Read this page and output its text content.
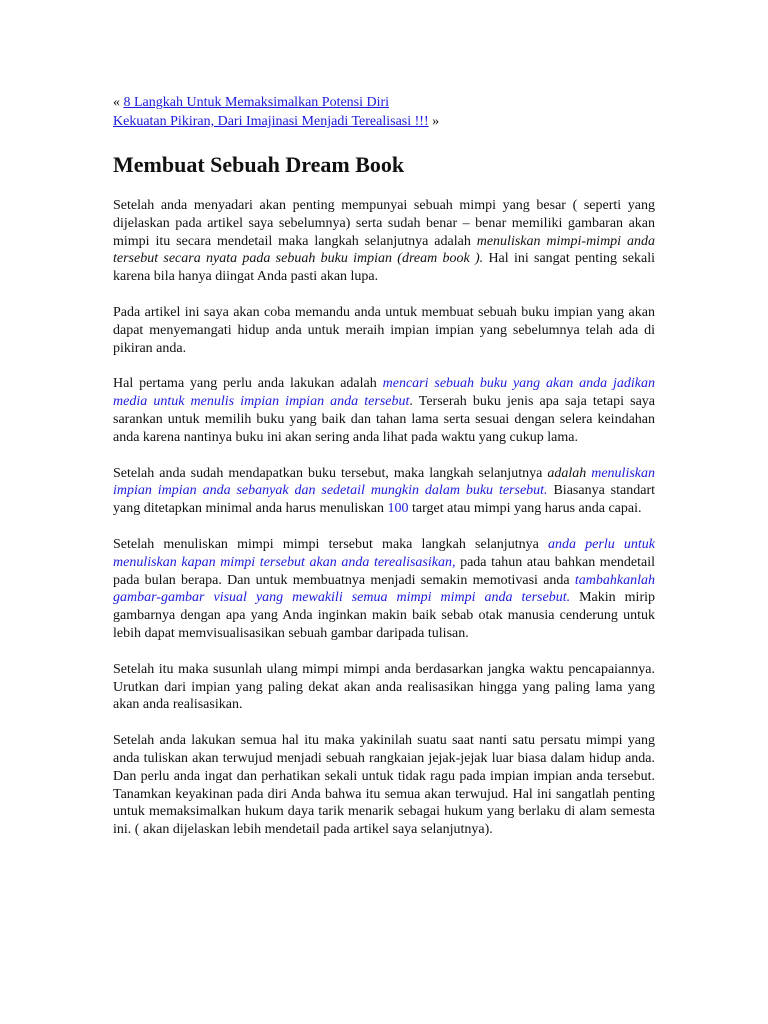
« 8 Langkah Untuk Memaksimalkan Potensi Diri
Kekuatan Pikiran, Dari Imajinasi Menjadi Terealisasi !!! »
Membuat Sebuah Dream Book

Setelah anda menyadari akan penting mempunyai sebuah mimpi yang besar ( seperti yang dijelaskan pada artikel saya sebelumnya) serta sudah benar – benar memiliki gambaran akan mimpi itu secara mendetail maka langkah selanjutnya adalah menuliskan mimpi-mimpi anda tersebut secara nyata pada sebuah buku impian (dream book ). Hal ini sangat penting sekali karena bila hanya diingat Anda pasti akan lupa.

Pada artikel ini saya akan coba memandu anda untuk membuat sebuah buku impian yang akan dapat menyemangati hidup anda untuk meraih impian impian yang sebelumnya telah ada di pikiran anda.

Hal pertama yang perlu anda lakukan adalah mencari sebuah buku yang akan anda jadikan media untuk menulis impian impian anda tersebut. Terserah buku jenis apa saja tetapi saya sarankan untuk memilih buku yang baik dan tahan lama serta sesuai dengan selera keindahan anda karena nantinya buku ini akan sering anda lihat pada waktu yang cukup lama.

Setelah anda sudah mendapatkan buku tersebut, maka langkah selanjutnya adalah menuliskan impian impian anda sebanyak dan sedetail mungkin dalam buku tersebut. Biasanya standart yang ditetapkan minimal anda harus menuliskan 100 target atau mimpi yang harus anda capai.

Setelah menuliskan mimpi mimpi tersebut maka langkah selanjutnya anda perlu untuk menuliskan kapan mimpi tersebut akan anda terealisasikan, pada tahun atau bahkan mendetail pada bulan berapa. Dan untuk membuatnya menjadi semakin memotivasi anda tambahkanlah gambar-gambar visual yang mewakili semua mimpi mimpi anda tersebut. Makin mirip gambarnya dengan apa yang Anda inginkan makin baik sebab otak manusia cenderung untuk lebih dapat memvisualisasikan sebuah gambar daripada tulisan.

Setelah itu maka susunlah ulang mimpi mimpi anda berdasarkan jangka waktu pencapaiannya. Urutkan dari impian yang paling dekat akan anda realisasikan hingga yang paling lama yang akan anda realisasikan.

Setelah anda lakukan semua hal itu maka yakinilah suatu saat nanti satu persatu mimpi yang anda tuliskan akan terwujud menjadi sebuah rangkaian jejak-jejak luar biasa dalam hidup anda. Dan perlu anda ingat dan perhatikan sekali untuk tidak ragu pada impian impian anda tersebut. Tanamkan keyakinan pada diri Anda bahwa itu semua akan terwujud. Hal ini sangatlah penting untuk memaksimalkan hukum daya tarik menarik sebagai hukum yang berlaku di alam semesta ini. ( akan dijelaskan lebih mendetail pada artikel saya selanjutnya).
